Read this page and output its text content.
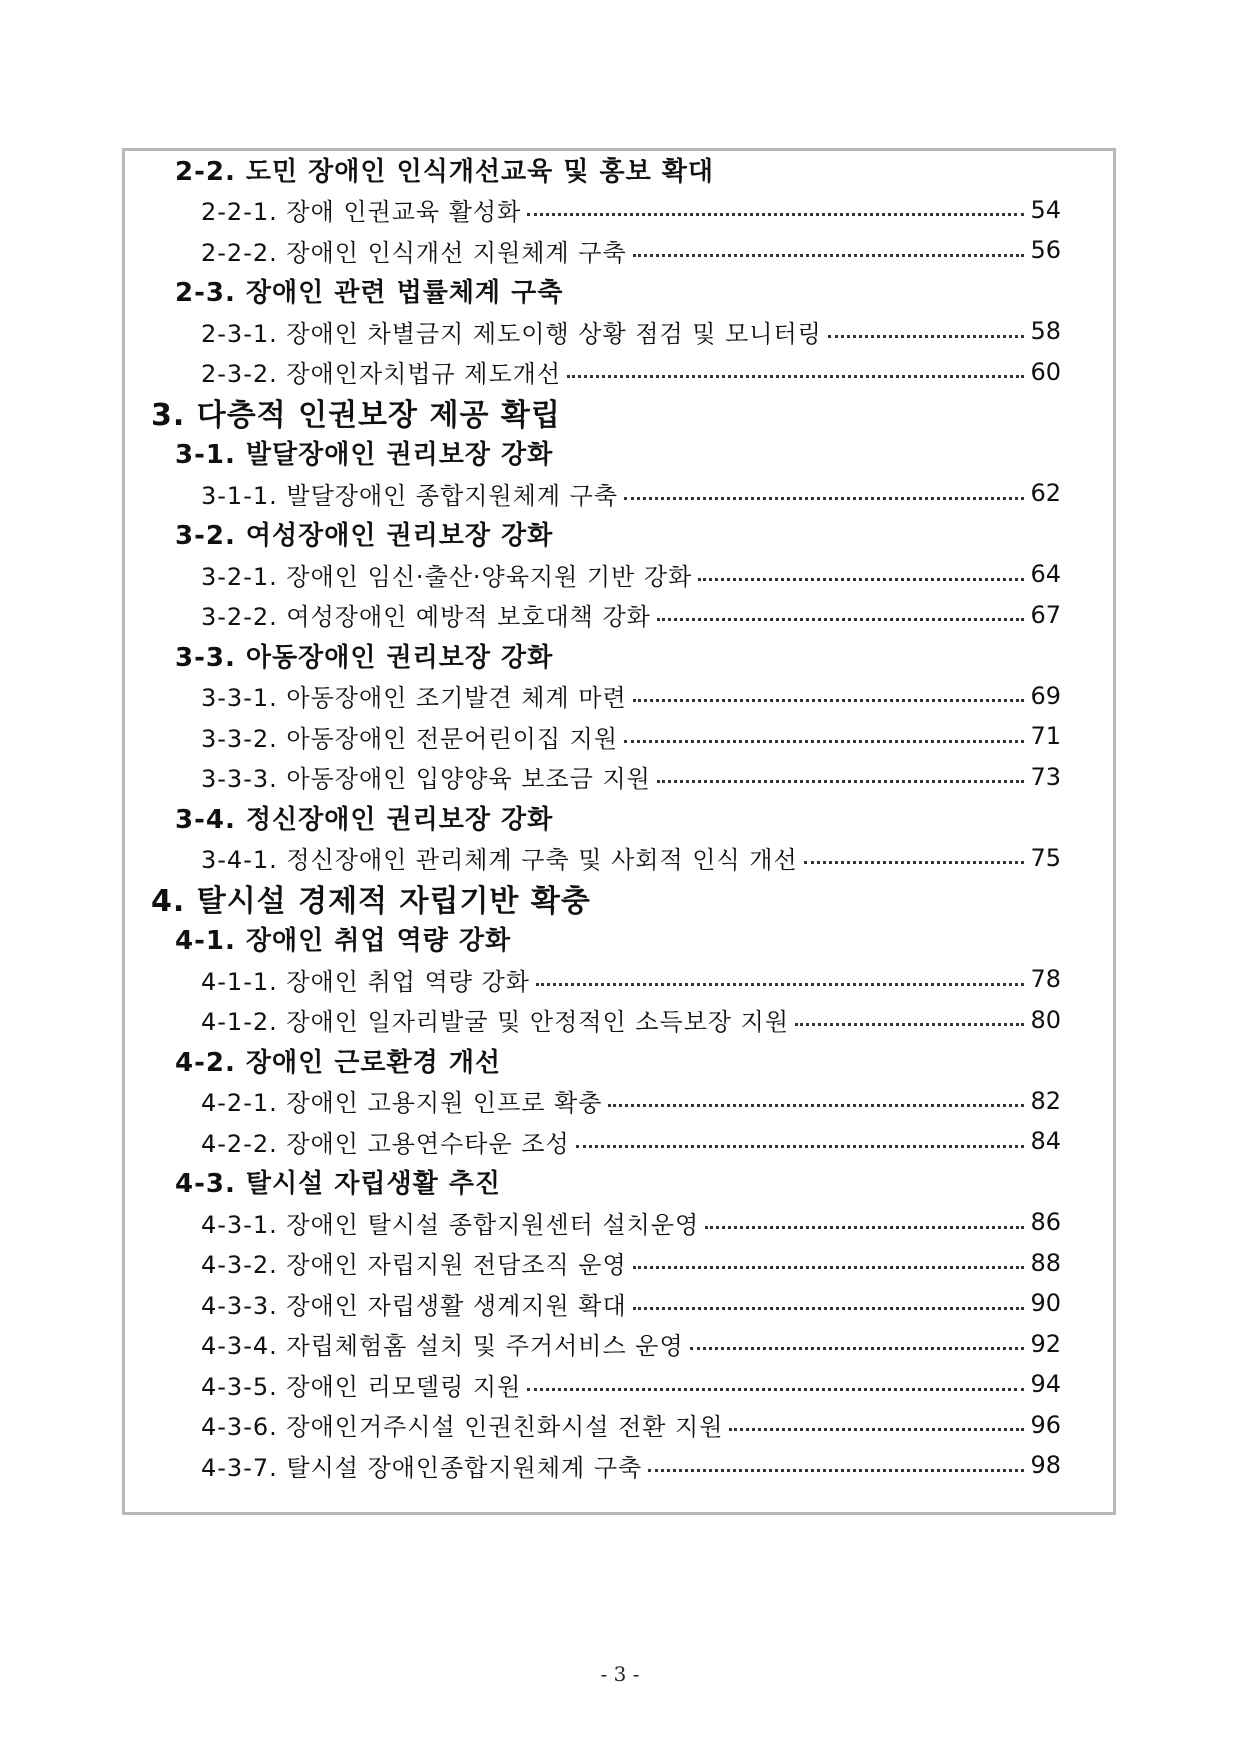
2-2. 도민 장애인 인식개선교육 및 홍보 확대
2-2-1. 장애 인권교육 활성화	54
2-2-2. 장애인 인식개선 지원체계 구축	56
2-3. 장애인 관련 법률체계 구축
2-3-1. 장애인 차별금지 제도이행 상황 점검 및 모니터링	58
2-3-2. 장애인자치법규 제도개선	60
3. 다층적 인권보장 제공 확립
3-1. 발달장애인 권리보장 강화
3-1-1. 발달장애인 종합지원체계 구축	62
3-2. 여성장애인 권리보장 강화
3-2-1. 장애인 임신·출산·양육지원 기반 강화	64
3-2-2. 여성장애인 예방적 보호대책 강화	67
3-3. 아동장애인 권리보장 강화
3-3-1. 아동장애인 조기발견 체계 마련	69
3-3-2. 아동장애인 전문어린이집 지원	71
3-3-3. 아동장애인 입양양육 보조금 지원	73
3-4. 정신장애인 권리보장 강화
3-4-1. 정신장애인 관리체계 구축 및 사회적 인식 개선	75
4. 탈시설 경제적 자립기반 확충
4-1. 장애인 취업 역량 강화
4-1-1. 장애인 취업 역량 강화	78
4-1-2. 장애인 일자리발굴 및 안정적인 소득보장 지원	80
4-2. 장애인 근로환경 개선
4-2-1. 장애인 고용지원 인프로 확충	82
4-2-2. 장애인 고용연수타운 조성	84
4-3. 탈시설 자립생활 추진
4-3-1. 장애인 탈시설 종합지원센터 설치운영	86
4-3-2. 장애인 자립지원 전담조직 운영	88
4-3-3. 장애인 자립생활 생계지원 확대	90
4-3-4. 자립체험홈 설치 및 주거서비스 운영	92
4-3-5. 장애인 리모델링 지원	94
4-3-6. 장애인거주시설 인권친화시설 전환 지원	96
4-3-7. 탈시설 장애인종합지원체계 구축	98
- 3 -
